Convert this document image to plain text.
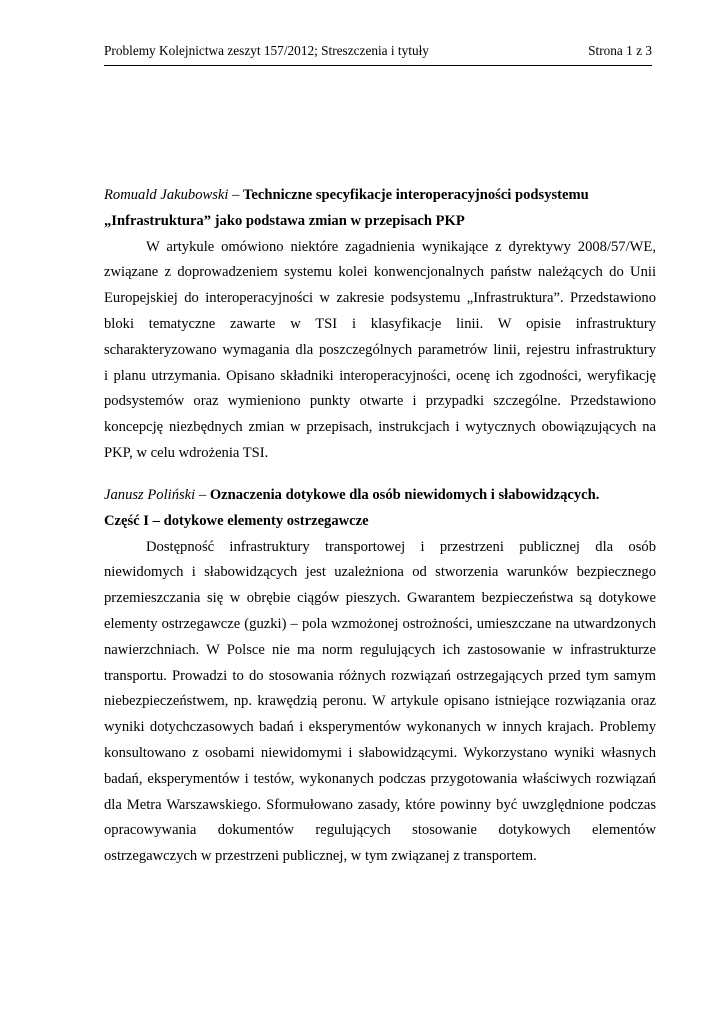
Problemy Kolejnictwa zeszyt 157/2012; Streszczenia i tytuły	Strona 1 z 3

Romuald Jakubowski – Techniczne specyfikacje interoperacyjności podsystemu
„Infrastruktura” jako podstawa zmian w przepisach PKP

W artykule omówiono niektóre zagadnienia wynikające z dyrektywy 2008/57/WE,
związane z doprowadzeniem systemu kolei konwencjonalnych państw należących do Unii
Europejskiej do interoperacyjności w zakresie podsystemu „Infrastruktura”. Przedstawiono
bloki tematyczne zawarte w TSI i klasyfikacje linii. W opisie infrastruktury
scharakteryzowano wymagania dla poszczególnych parametrów linii, rejestru infrastruktury
i planu utrzymania. Opisano składniki interoperacyjności, ocenę ich zgodności, weryfikację
podsystemów oraz wymieniono punkty otwarte i przypadki szczególne. Przedstawiono
koncepcję niezbędnych zmian w przepisach, instrukcjach i wytycznych obowiązujących na
PKP, w celu wdrożenia TSI.

Janusz Poliński – Oznaczenia dotykowe dla osób niewidomych i słabowidzących.
Część I – dotykowe elementy ostrzegawcze

Dostępność infrastruktury transportowej i przestrzeni publicznej dla osób
niewidomych i słabowidzących jest uzależniona od stworzenia warunków bezpiecznego
przemieszczania się w obrębie ciągów pieszych. Gwarantem bezpieczeństwa są dotykowe
elementy ostrzegawcze (guzki) – pola wzmożonej ostrożności, umieszczane na utwardzonych
nawierzchniach. W Polsce nie ma norm regulujących ich zastosowanie w infrastrukturze
transportu. Prowadzi to do stosowania różnych rozwiązań ostrzegających przed tym samym
niebezpieczeństwem, np. krawędzią peronu. W artykule opisano istniejące rozwiązania oraz
wyniki dotychczasowych badań i eksperymentów wykonanych w innych krajach. Problemy
konsultowano z osobami niewidomymi i słabowidzącymi. Wykorzystano wyniki własnych
badań, eksperymentów i testów, wykonanych podczas przygotowania właściwych rozwiązań
dla Metra Warszawskiego. Sformułowano zasady, które powinny być uwzględnione podczas
opracowywania dokumentów regulujących stosowanie dotykowych elementów
ostrzegawczych w przestrzeni publicznej, w tym związanej z transportem.
